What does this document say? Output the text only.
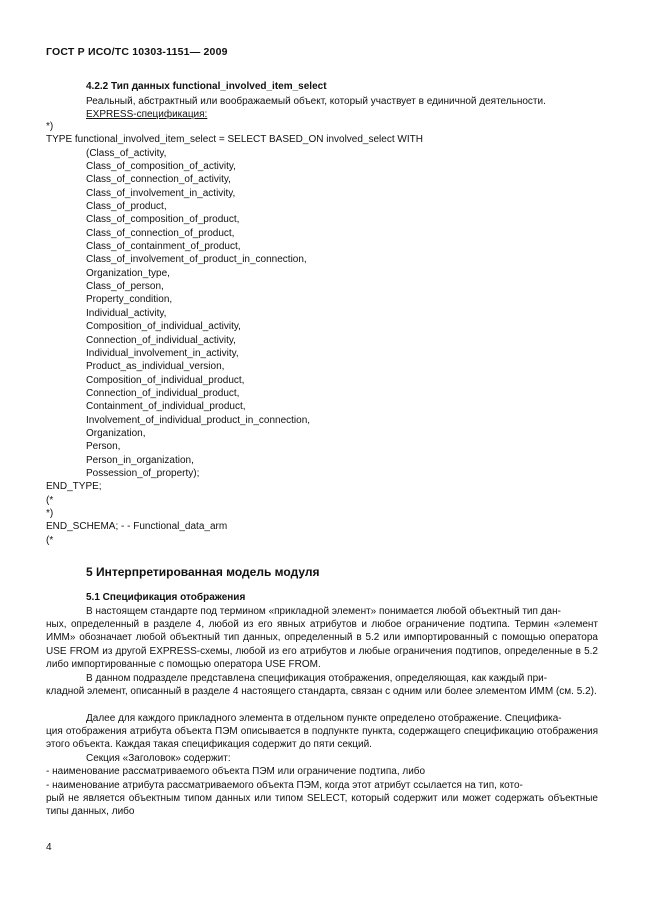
ГОСТ Р ИСО/ТС 10303-1151— 2009
4.2.2 Тип данных functional_involved_item_select
Реальный, абстрактный или воображаемый объект, который участвует в единичной деятельности.
EXPRESS-спецификация:
*)
TYPE functional_involved_item_select = SELECT BASED_ON involved_select WITH
(Class_of_activity,
Class_of_composition_of_activity,
Class_of_connection_of_activity,
Class_of_involvement_in_activity,
Class_of_product,
Class_of_composition_of_product,
Class_of_connection_of_product,
Class_of_containment_of_product,
Class_of_involvement_of_product_in_connection,
Organization_type,
Class_of_person,
Property_condition,
Individual_activity,
Composition_of_individual_activity,
Connection_of_individual_activity,
Individual_involvement_in_activity,
Product_as_individual_version,
Composition_of_individual_product,
Connection_of_individual_product,
Containment_of_individual_product,
Involvement_of_individual_product_in_connection,
Organization,
Person,
Person_in_organization,
Possession_of_property);
END_TYPE;
(*
*)
END_SCHEMA; - - Functional_data_arm
(*
5 Интерпретированная модель модуля
5.1 Спецификация отображения
В настоящем стандарте под термином «прикладной элемент» понимается любой объектный тип дан-
ных, определенный в разделе 4, любой из его явных атрибутов и любое ограничение подтипа. Термин «элемент ИММ» обозначает любой объектный тип данных, определенный в 5.2 или импортированный с помощью оператора USE FROM из другой EXPRESS-схемы, любой из его атрибутов и любые ограничения подтипов, определенные в 5.2 либо импортированные с помощью оператора USE FROM.
В данном подразделе представлена спецификация отображения, определяющая, как каждый при-
кладной элемент, описанный в разделе 4 настоящего стандарта, связан с одним или более элементом ИММ (см. 5.2).
Далее для каждого прикладного элемента в отдельном пункте определено отображение. Специфика-
ция отображения атрибута объекта ПЭМ описывается в подпункте пункта, содержащего спецификацию отображения этого объекта. Каждая такая спецификация содержит до пяти секций.
Секция «Заголовок» содержит:
- наименование рассматриваемого объекта ПЭМ или ограничение подтипа, либо
- наименование атрибута рассматриваемого объекта ПЭМ, когда этот атрибут ссылается на тип, кото-
рый не является объектным типом данных или типом SELECT, который содержит или может содержать объектные типы данных, либо
4
